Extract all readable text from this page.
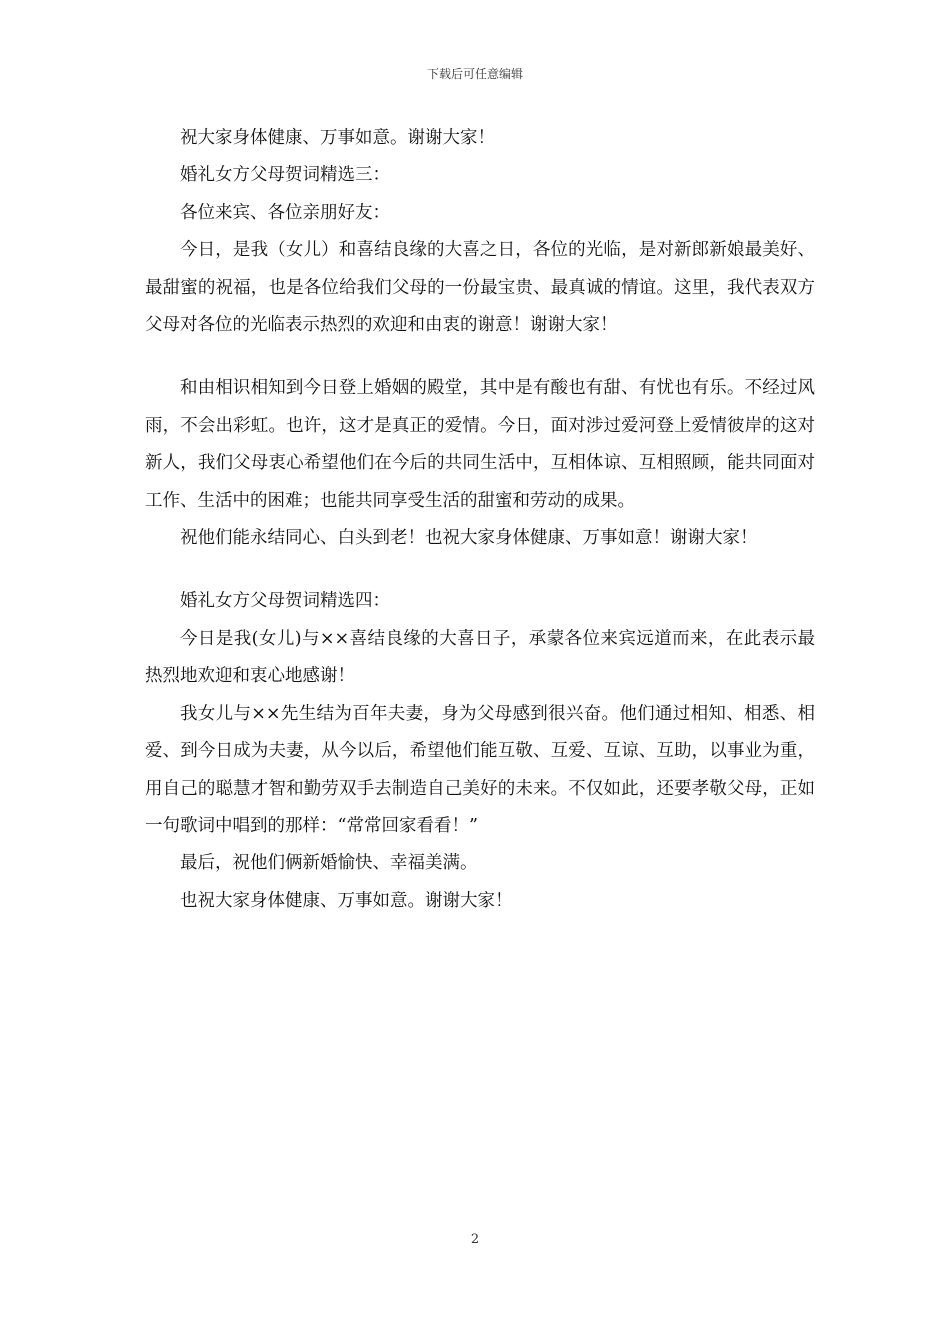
下载后可任意编辑

祝大家身体健康、万事如意。谢谢大家！

婚礼女方父母贺词精选三：

各位来宾、各位亲朋好友：

今日，是我（女儿）和喜结良缘的大喜之日，各位的光临，是对新郎新娘最美好、最甜蜜的祝福，也是各位给我们父母的一份最宝贵、最真诚的情谊。这里，我代表双方父母对各位的光临表示热烈的欢迎和由衷的谢意！谢谢大家！

和由相识相知到今日登上婚姻的殿堂，其中是有酸也有甜、有忧也有乐。不经过风雨，不会出彩虹。也许，这才是真正的爱情。今日，面对涉过爱河登上爱情彼岸的这对新人，我们父母衷心希望他们在今后的共同生活中，互相体谅、互相照顾，能共同面对工作、生活中的困难；也能共同享受生活的甜蜜和劳动的成果。

祝他们能永结同心、白头到老！也祝大家身体健康、万事如意！谢谢大家！

婚礼女方父母贺词精选四：

今日是我(女儿)与××喜结良缘的大喜日子，承蒙各位来宾远道而来，在此表示最热烈地欢迎和衷心地感谢！

我女儿与××先生结为百年夫妻，身为父母感到很兴奋。他们通过相知、相悉、相爱、到今日成为夫妻，从今以后，希望他们能互敬、互爱、互谅、互助，以事业为重，用自己的聪慧才智和勤劳双手去制造自己美好的未来。不仅如此，还要孝敬父母，正如一句歌词中唱到的那样：“常常回家看看！”

最后，祝他们俩新婚愉快、幸福美满。

也祝大家身体健康、万事如意。谢谢大家！

2
